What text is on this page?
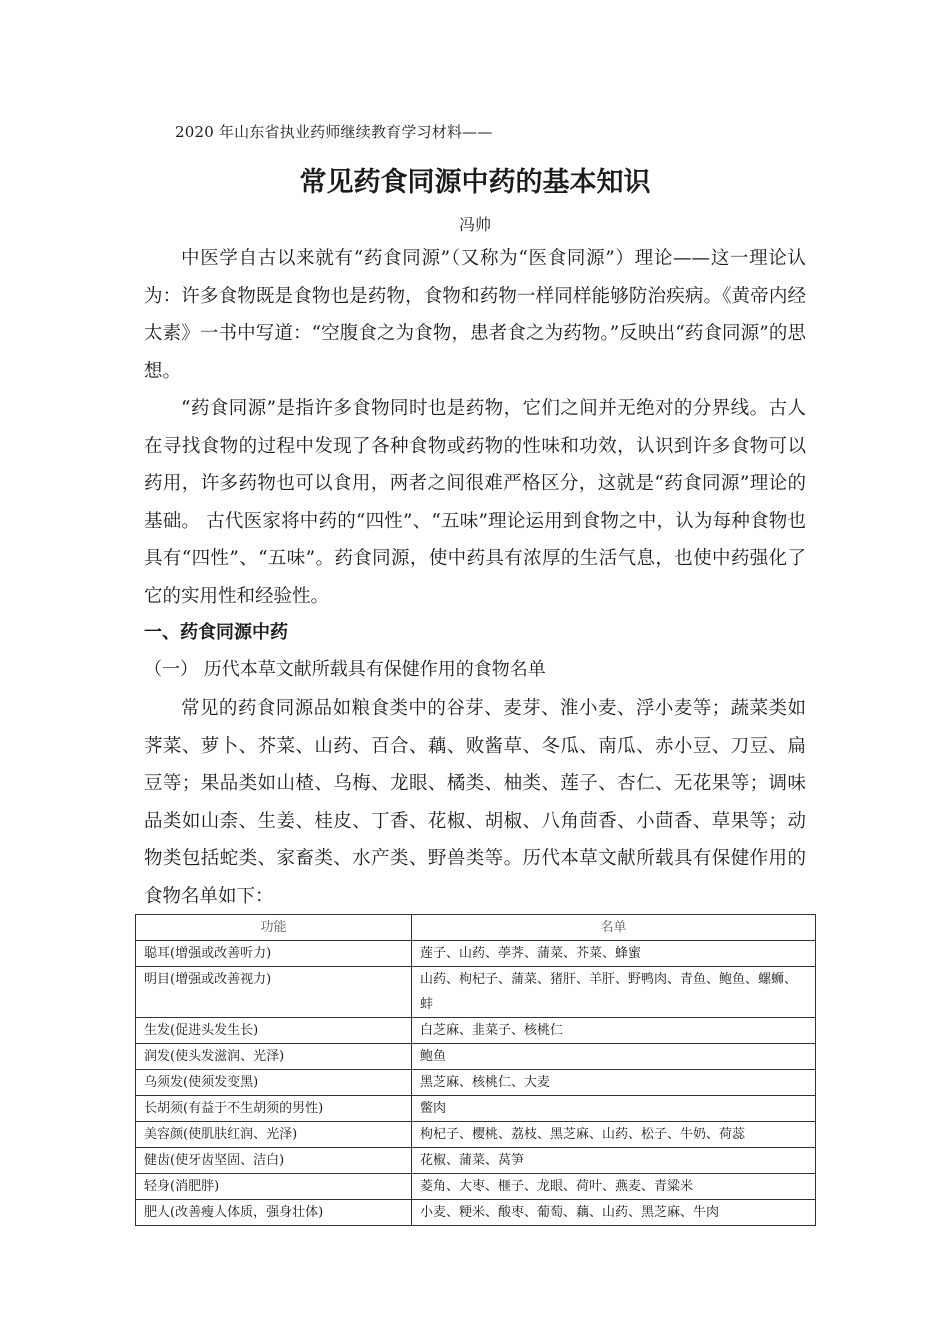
2020 年山东省执业药师继续教育学习材料——
常见药食同源中药的基本知识
冯帅

中医学自古以来就有“药食同源”（又称为“医食同源”）理论——这一理论认为：许多食物既是食物也是药物，食物和药物一样同样能够防治疾病。《黄帝内经太素》一书中写道：“空腹食之为食物，患者食之为药物。”反映出“药食同源”的思想。

“药食同源”是指许多食物同时也是药物，它们之间并无绝对的分界线。古人在寻找食物的过程中发现了各种食物或药物的性味和功效，认识到许多食物可以药用，许多药物也可以食用，两者之间很难严格区分，这就是“药食同源”理论的基础。 古代医家将中药的“四性”、“五味”理论运用到食物之中，认为每种食物也具有“四性”、“五味”。药食同源，使中药具有浓厚的生活气息，也使中药强化了它的实用性和经验性。

一、药食同源中药
（一） 历代本草文献所载具有保健作用的食物名单

常见的药食同源品如粮食类中的谷芽、麦芽、淮小麦、浮小麦等；蔬菜类如荠菜、萝卜、芥菜、山药、百合、藕、败酱草、冬瓜、南瓜、赤小豆、刀豆、扁豆等；果品类如山楂、乌梅、龙眼、橘类、柚类、莲子、杏仁、无花果等；调味品类如山柰、生姜、桂皮、丁香、花椒、胡椒、八角茴香、小茴香、草果等；动物类包括蛇类、家畜类、水产类、野兽类等。历代本草文献所载具有保健作用的食物名单如下：

功能	名单
聪耳(增强或改善听力)	莲子、山药、荸荠、蒲菜、芥菜、蜂蜜
明目(增强或改善视力)	山药、枸杞子、蒲菜、猪肝、羊肝、野鸭肉、青鱼、鲍鱼、螺蛳、蚌
生发(促进头发生长)	白芝麻、韭菜子、核桃仁
润发(使头发滋润、光泽)	鲍鱼
乌须发(使须发变黑)	黑芝麻、核桃仁、大麦
长胡须(有益于不生胡须的男性)	鳖肉
美容颜(使肌肤红润、光泽)	枸杞子、樱桃、荔枝、黑芝麻、山药、松子、牛奶、荷蕊
健齿(使牙齿坚固、洁白)	花椒、蒲菜、莴笋
轻身(消肥胖)	菱角、大枣、榧子、龙眼、荷叶、燕麦、青粱米
肥人(改善瘦人体质，强身壮体)	小麦、粳米、酸枣、葡萄、藕、山药、黑芝麻、牛肉
